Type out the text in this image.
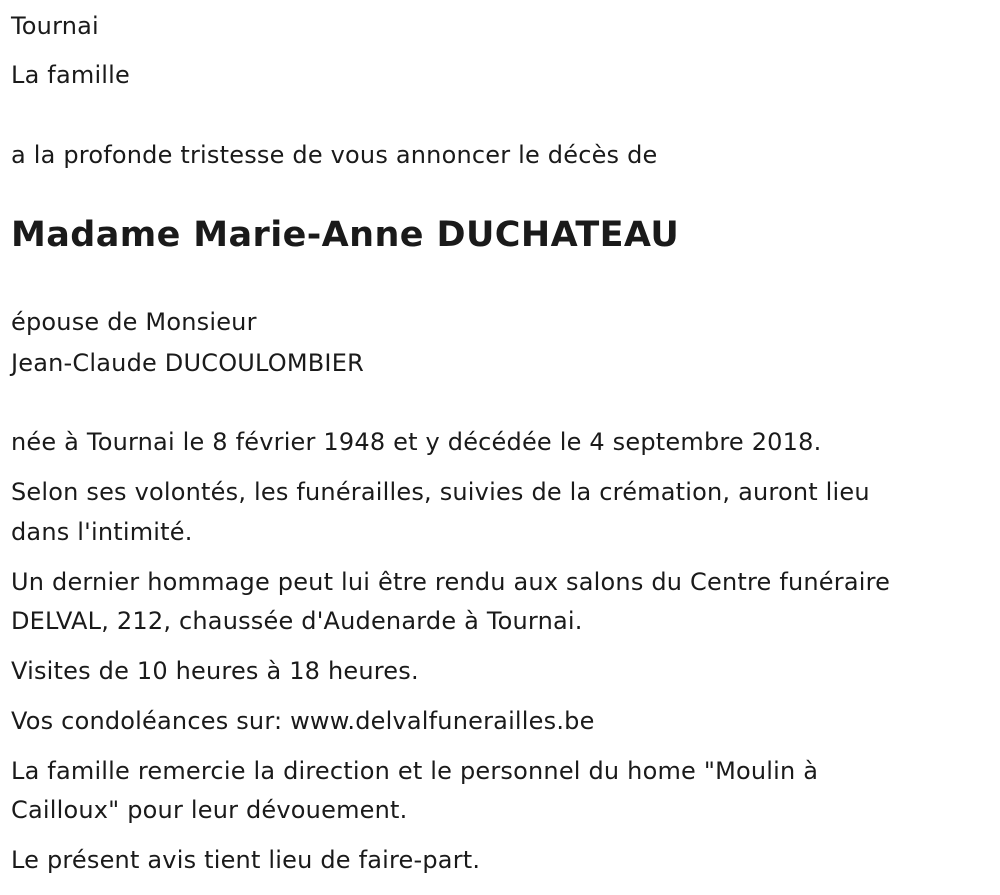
Tournai
La famille
a la profonde tristesse de vous annoncer le décès de
Madame Marie-Anne DUCHATEAU
épouse de Monsieur
Jean-Claude DUCOULOMBIER
née à Tournai le 8 février 1948 et y décédée le 4 septembre 2018.
Selon ses volontés, les funérailles, suivies de la crémation, auront lieu
dans l'intimité.
Un dernier hommage peut lui être rendu aux salons du Centre funéraire
DELVAL, 212, chaussée d'Audenarde à Tournai.
Visites de 10 heures à 18 heures.
Vos condoléances sur: www.delvalfunerailles.be
La famille remercie la direction et le personnel du home "Moulin à
Cailloux" pour leur dévouement.
Le présent avis tient lieu de faire-part.
